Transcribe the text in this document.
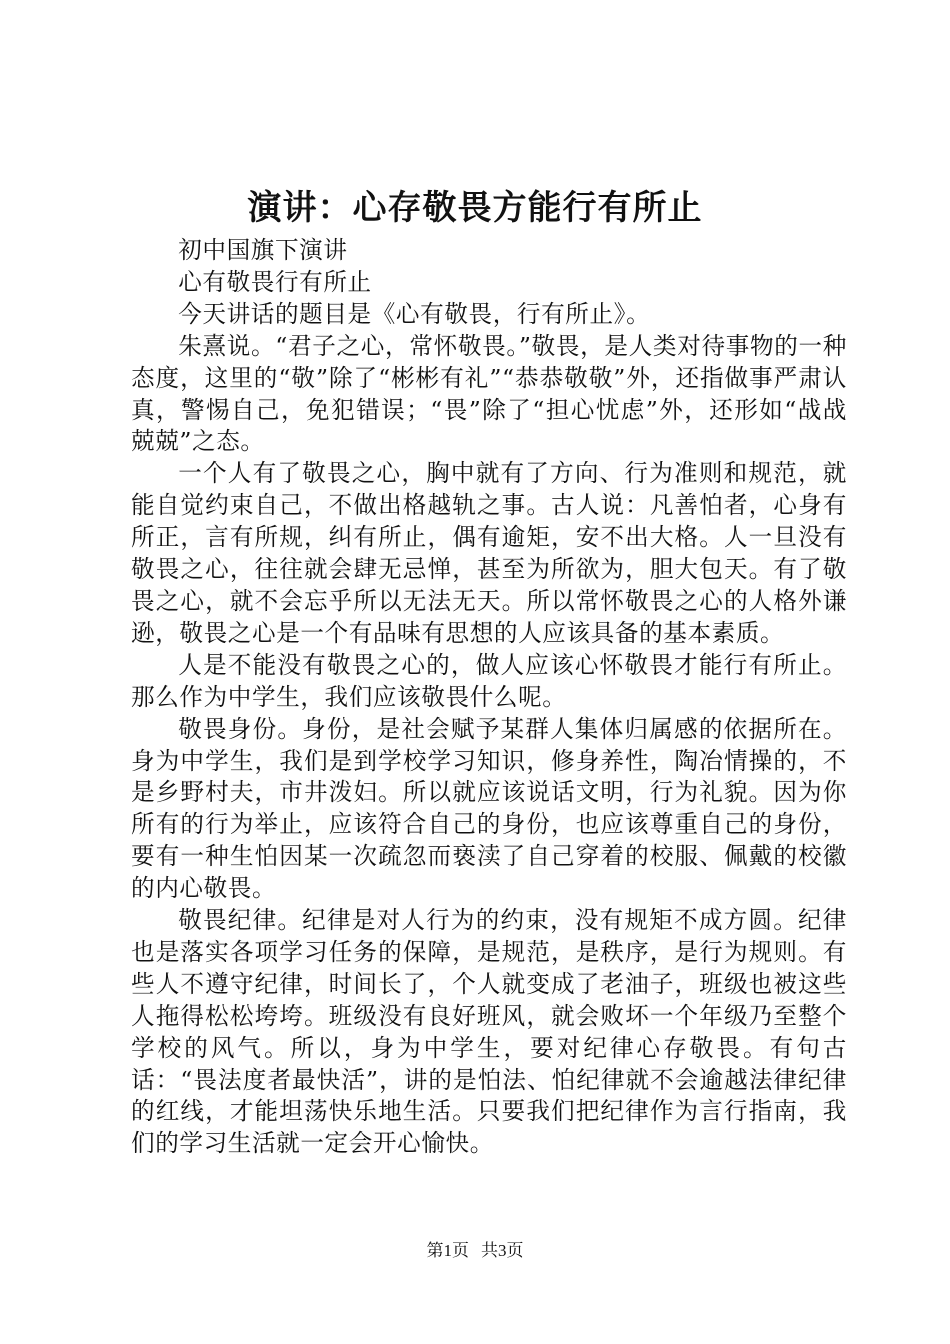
演讲：心存敬畏方能行有所止

初中国旗下演讲

心有敬畏行有所止

今天讲话的题目是《心有敬畏，行有所止》。

朱熹说。“君子之心，常怀敬畏。”敬畏，是人类对待事物的一种态度，这里的“敬”除了“彬彬有礼”“恭恭敬敬”外，还指做事严肃认真，警惕自己，免犯错误；“畏”除了“担心忧虑”外，还形如“战战兢兢”之态。

一个人有了敬畏之心，胸中就有了方向、行为准则和规范，就能自觉约束自己，不做出格越轨之事。古人说：凡善怕者，心身有所正，言有所规，纠有所止，偶有逾矩，安不出大格。人一旦没有敬畏之心，往往就会肆无忌惮，甚至为所欲为，胆大包天。有了敬畏之心，就不会忘乎所以无法无天。所以常怀敬畏之心的人格外谦逊，敬畏之心是一个有品味有思想的人应该具备的基本素质。

人是不能没有敬畏之心的，做人应该心怀敬畏才能行有所止。那么作为中学生，我们应该敬畏什么呢。

敬畏身份。身份，是社会赋予某群人集体归属感的依据所在。身为中学生，我们是到学校学习知识，修身养性，陶冶情操的，不是乡野村夫，市井泼妇。所以就应该说话文明，行为礼貌。因为你所有的行为举止，应该符合自己的身份，也应该尊重自己的身份，要有一种生怕因某一次疏忽而亵渎了自己穿着的校服、佩戴的校徽的内心敬畏。

敬畏纪律。纪律是对人行为的约束，没有规矩不成方圆。纪律也是落实各项学习任务的保障，是规范，是秩序，是行为规则。有些人不遵守纪律，时间长了，个人就变成了老油子，班级也被这些人拖得松松垮垮。班级没有良好班风，就会败坏一个年级乃至整个学校的风气。所以，身为中学生，要对纪律心存敬畏。有句古话：“畏法度者最快活”，讲的是怕法、怕纪律就不会逾越法律纪律的红线，才能坦荡快乐地生活。只要我们把纪律作为言行指南，我们的学习生活就一定会开心愉快。

第1页 共3页
